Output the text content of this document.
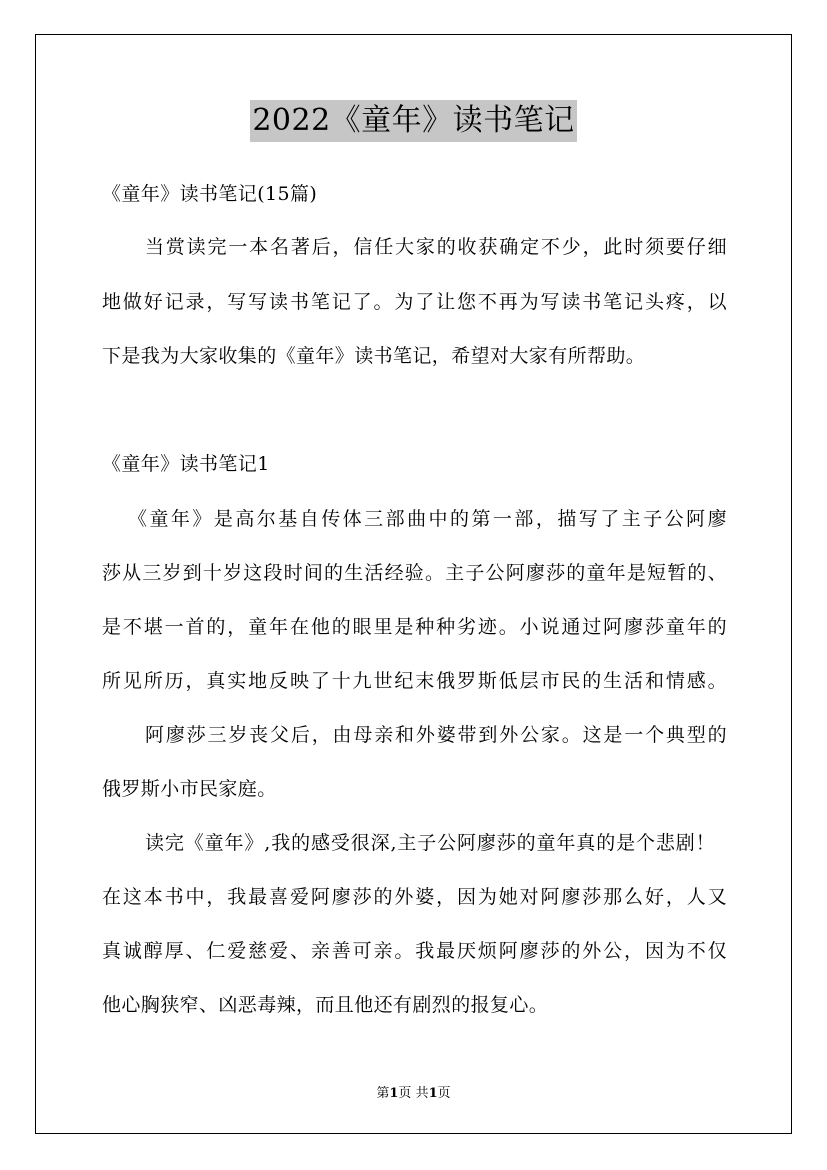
2022《童年》读书笔记
《童年》读书笔记(15篇)
当赏读完一本名著后，信任大家的收获确定不少，此时须要仔细
地做好记录，写写读书笔记了。为了让您不再为写读书笔记头疼，以
下是我为大家收集的《童年》读书笔记，希望对大家有所帮助。
《童年》读书笔记1
《童年》是高尔基自传体三部曲中的第一部，描写了主子公阿廖
莎从三岁到十岁这段时间的生活经验。主子公阿廖莎的童年是短暂的、
是不堪一首的，童年在他的眼里是种种劣迹。小说通过阿廖莎童年的
所见所历，真实地反映了十九世纪末俄罗斯低层市民的生活和情感。
阿廖莎三岁丧父后，由母亲和外婆带到外公家。这是一个典型的
俄罗斯小市民家庭。
读完《童年》,我的感受很深,主子公阿廖莎的童年真的是个悲剧！
在这本书中，我最喜爱阿廖莎的外婆，因为她对阿廖莎那么好，人又
真诚醇厚、仁爱慈爱、亲善可亲。我最厌烦阿廖莎的外公，因为不仅
他心胸狭窄、凶恶毒辣，而且他还有剧烈的报复心。
第1页 共1页
